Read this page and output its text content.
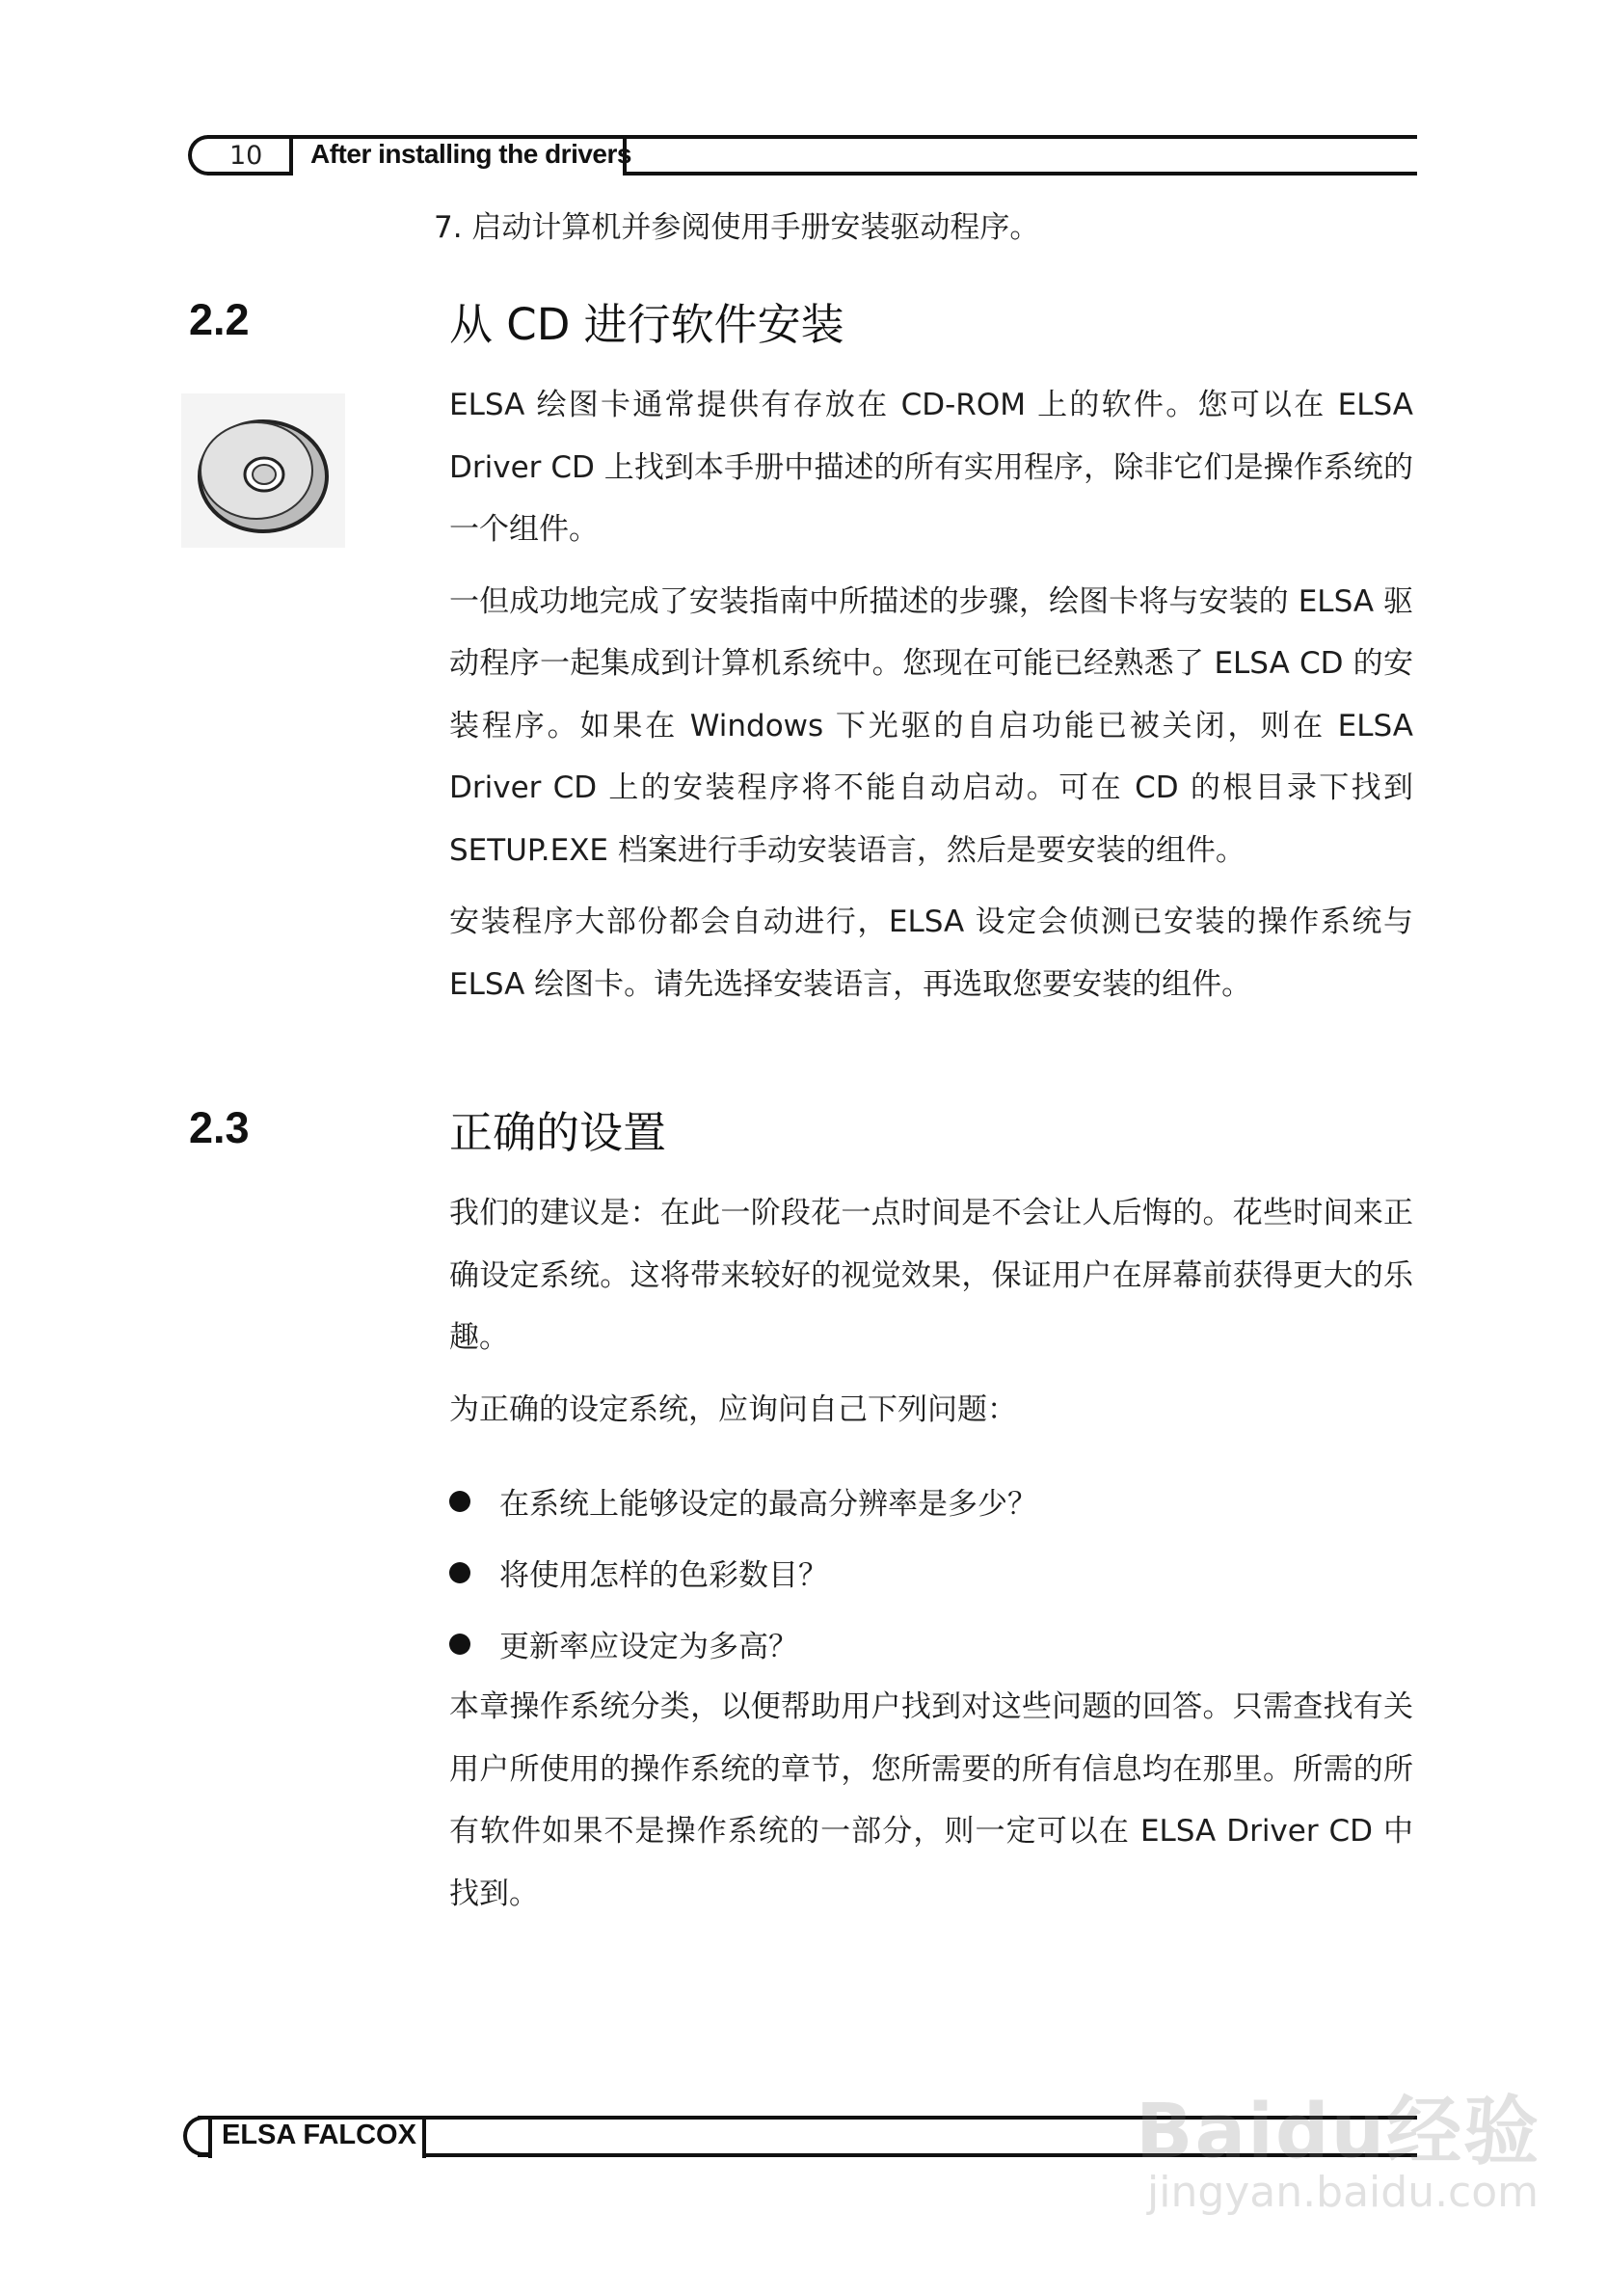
10 After installing the drivers
7. 启动计算机并参阅使用手册安装驱动程序。
2.2	从 CD 进行软件安装

ELSA 绘图卡通常提供有存放在 CD-ROM 上的软件。您可以在 ELSA Driver CD 上找到本手册中描述的所有实用程序，除非它们是操作系统的一个组件。

一但成功地完成了安装指南中所描述的步骤，绘图卡将与安装的 ELSA 驱动程序一起集成到计算机系统中。您现在可能已经熟悉了 ELSA CD 的安装程序。如果在 Windows 下光驱的自启功能已被关闭，则在 ELSA Driver CD 上的安装程序将不能自动启动。可在 CD 的根目录下找到 SETUP.EXE 档案进行手动安装语言，然后是要安装的组件。

安装程序大部份都会自动进行，ELSA 设定会侦测已安装的操作系统与 ELSA 绘图卡。请先选择安装语言，再选取您要安装的组件。

2.3	正确的设置

我们的建议是：在此一阶段花一点时间是不会让人后悔的。花些时间来正确设定系统。这将带来较好的视觉效果，保证用户在屏幕前获得更大的乐趣。

为正确的设定系统，应询问自己下列问题：

在系统上能够设定的最高分辨率是多少？
将使用怎样的色彩数目？
更新率应设定为多高？

本章操作系统分类，以便帮助用户找到对这些问题的回答。只需查找有关用户所使用的操作系统的章节，您所需要的所有信息均在那里。所需的所有软件如果不是操作系统的一部分，则一定可以在 ELSA Driver CD 中找到。

ELSA FALCOX	Baidu经验
jingyan.baidu.com
